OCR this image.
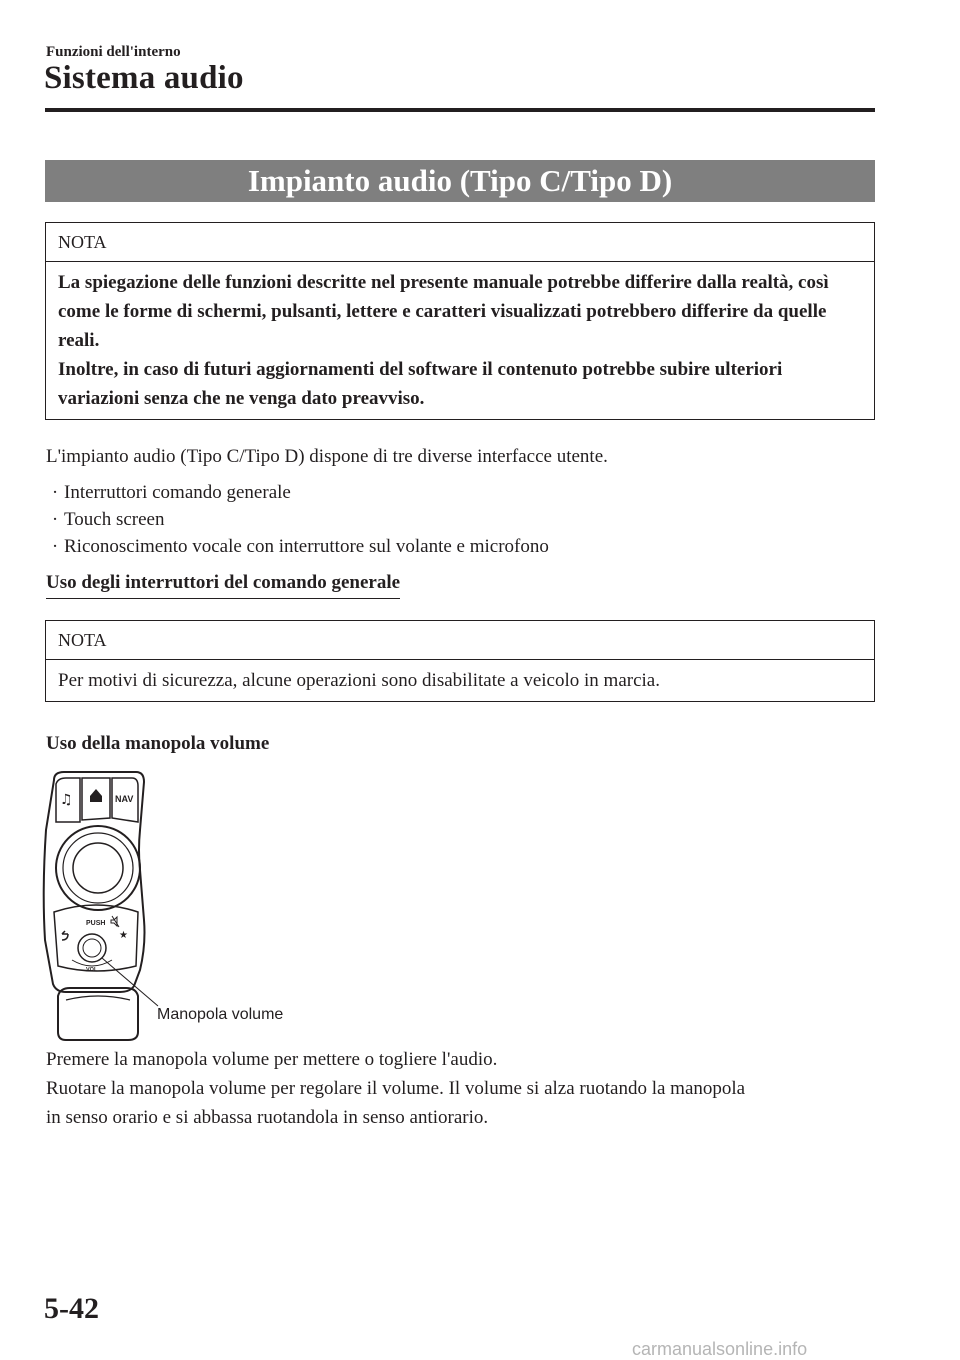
Funzioni dell'interno
Sistema audio
Impianto audio (Tipo C/Tipo D)
NOTA

La spiegazione delle funzioni descritte nel presente manuale potrebbe differire dalla realtà, così come le forme di schermi, pulsanti, lettere e caratteri visualizzati potrebbero differire da quelle reali.

Inoltre, in caso di futuri aggiornamenti del software il contenuto potrebbe subire ulteriori variazioni senza che ne venga dato preavviso.

L'impianto audio (Tipo C/Tipo D) dispone di tre diverse interfacce utente.
· Interruttori comando generale
· Touch screen
· Riconoscimento vocale con interruttore sul volante e microfono
Uso degli interruttori del comando generale
NOTA

Per motivi di sicurezza, alcune operazioni sono disabilitate a veicolo in marcia.

Uso della manopola volume
♫	NAV
PUSH
★
VOL
Manopola volume
Premere la manopola volume per mettere o togliere l'audio.
Ruotare la manopola volume per regolare il volume. Il volume si alza ruotando la manopola
in senso orario e si abbassa ruotandola in senso antiorario.
5-42
carmanualsonline.info
